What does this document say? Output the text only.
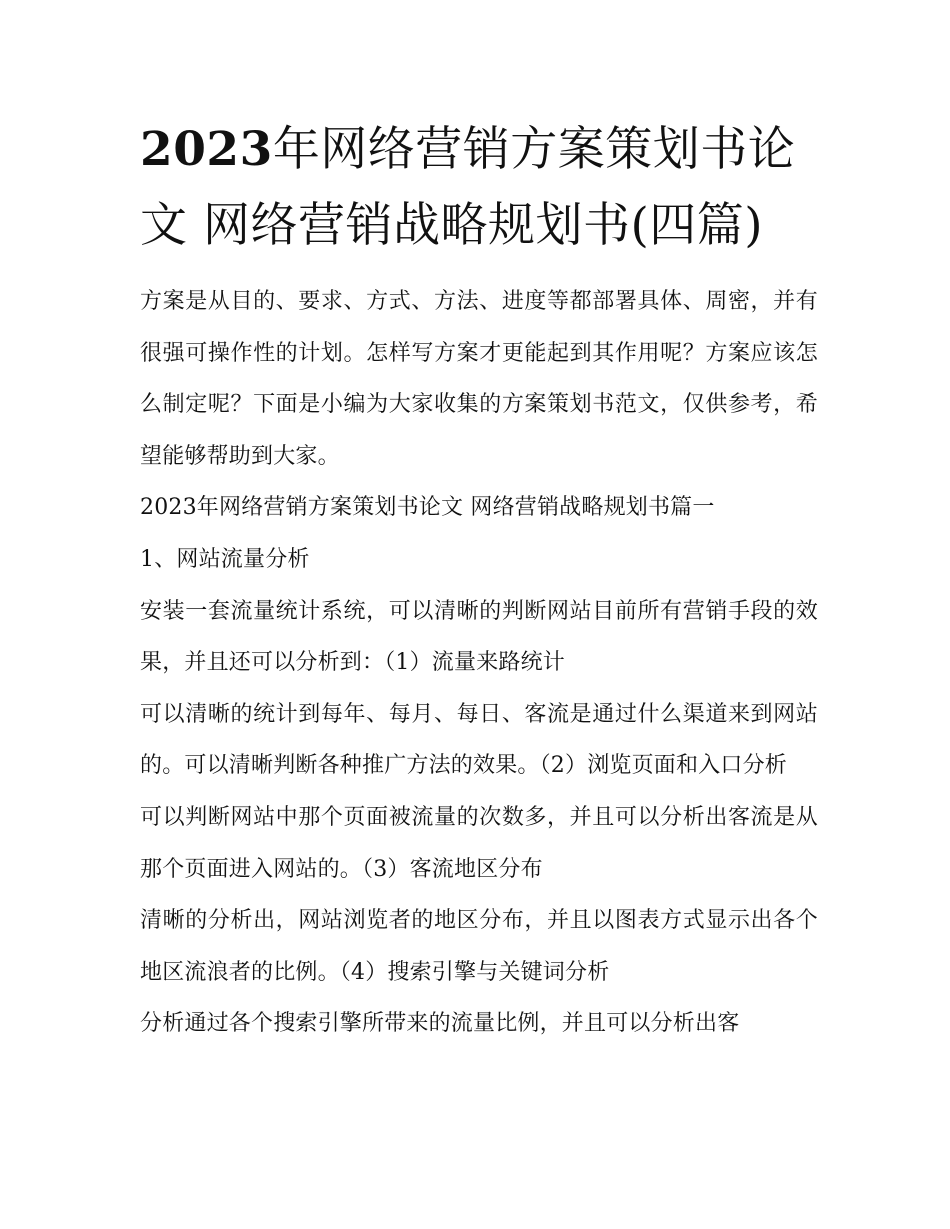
2023年网络营销方案策划书论文 网络营销战略规划书(四篇)

方案是从目的、要求、方式、方法、进度等都部署具体、周密，并有很强可操作性的计划。怎样写方案才更能起到其作用呢？方案应该怎么制定呢？下面是小编为大家收集的方案策划书范文，仅供参考，希望能够帮助到大家。

2023年网络营销方案策划书论文 网络营销战略规划书篇一

1、网站流量分析

安装一套流量统计系统，可以清晰的判断网站目前所有营销手段的效果，并且还可以分析到：（1）流量来路统计

可以清晰的统计到每年、每月、每日、客流是通过什么渠道来到网站的。可以清晰判断各种推广方法的效果。（2）浏览页面和入口分析

可以判断网站中那个页面被流量的次数多，并且可以分析出客流是从那个页面进入网站的。（3）客流地区分布

清晰的分析出，网站浏览者的地区分布，并且以图表方式显示出各个地区流浪者的比例。（4）搜索引擎与关键词分析

分析通过各个搜索引擎所带来的流量比例，并且可以分析出客
